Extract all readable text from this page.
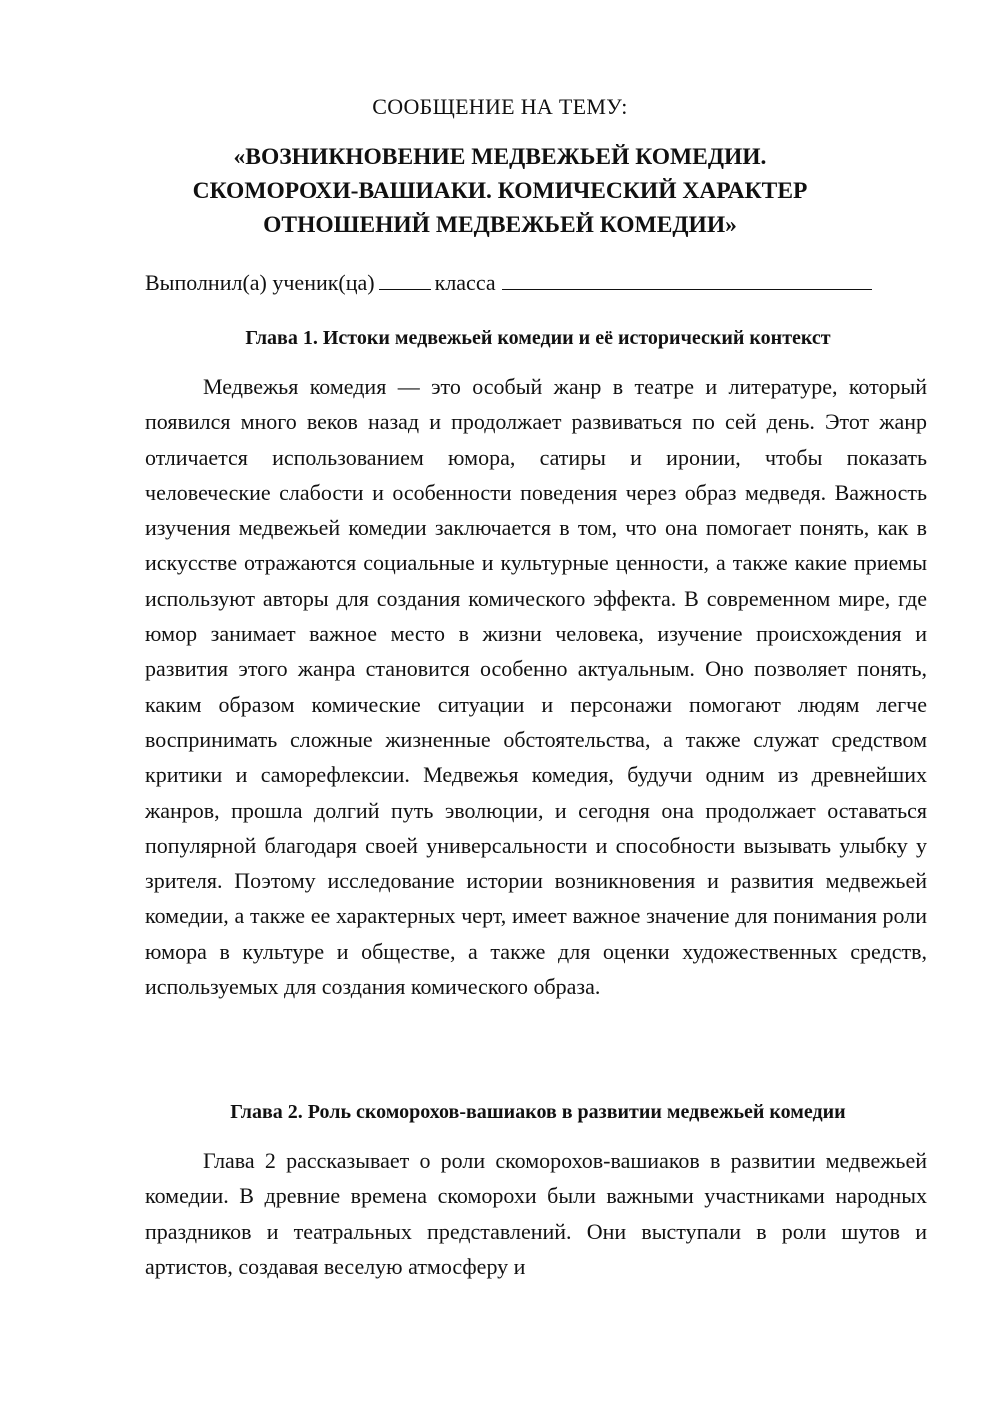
СООБЩЕНИЕ НА ТЕМУ:
«ВОЗНИКНОВЕНИЕ МЕДВЕЖЬЕЙ КОМЕДИИ.
СКОМОРОХИ-ВАШИАКИ. КОМИЧЕСКИЙ ХАРАКТЕР
ОТНОШЕНИЙ МЕДВЕЖЬЕЙ КОМЕДИИ»
Выполнил(а) ученик(ца)	класса
Глава 1. Истоки медвежьей комедии и её исторический контекст

Медвежья комедия — это особый жанр в театре и литературе, который появился много веков назад и продолжает развиваться по сей день. Этот жанр отличается использованием юмора, сатиры и иронии, чтобы показать человеческие слабости и особенности поведения через образ медведя. Важность изучения медвежьей комедии заключается в том, что она помогает понять, как в искусстве отражаются социальные и культурные ценности, а также какие приемы используют авторы для создания комического эффекта. В современном мире, где юмор занимает важное место в жизни человека, изучение происхождения и развития этого жанра становится особенно актуальным. Оно позволяет понять, каким образом комические ситуации и персонажи помогают людям легче воспринимать сложные жизненные обстоятельства, а также служат средством критики и саморефлексии. Медвежья комедия, будучи одним из древнейших жанров, прошла долгий путь эволюции, и сегодня она продолжает оставаться популярной благодаря своей универсальности и способности вызывать улыбку у зрителя. Поэтому исследование истории возникновения и развития медвежьей комедии, а также ее характерных черт, имеет важное значение для понимания роли юмора в культуре и обществе, а также для оценки художественных средств, используемых для создания комического образа.

Глава 2. Роль скоморохов-вашиаков в развитии медвежьей комедии

Глава 2 рассказывает о роли скоморохов-вашиаков в развитии медвежьей комедии. В древние времена скоморохи были важными участниками народных праздников и театральных представлений. Они выступали в роли шутов и артистов, создавая веселую атмосферу и
